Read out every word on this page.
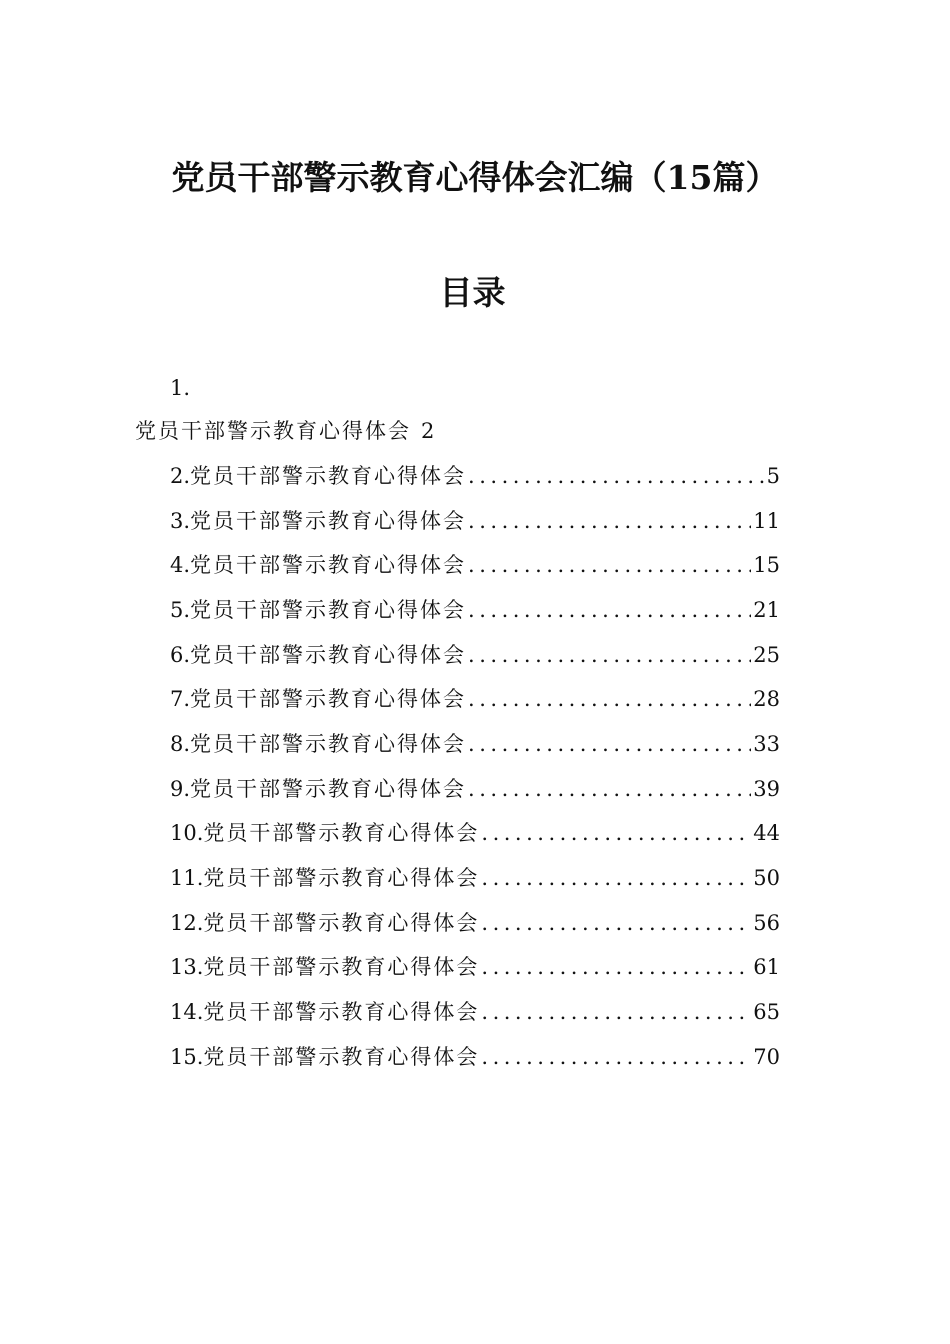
党员干部警示教育心得体会汇编（15篇）
目录
1.
党员干部警示教育心得体会 2
2. 党员干部警示教育心得体会 .....	5
3. 党员干部警示教育心得体会 .....	11
4. 党员干部警示教育心得体会 .....	15
5. 党员干部警示教育心得体会 .....	21
6. 党员干部警示教育心得体会 .....	25
7. 党员干部警示教育心得体会 .....	28
8. 党员干部警示教育心得体会 .....	33
9. 党员干部警示教育心得体会 .....	39
10. 党员干部警示教育心得体会 .....	44
11. 党员干部警示教育心得体会 .....	50
12. 党员干部警示教育心得体会 .....	56
13. 党员干部警示教育心得体会 .....	61
14. 党员干部警示教育心得体会 .....	65
15. 党员干部警示教育心得体会 .....	70
